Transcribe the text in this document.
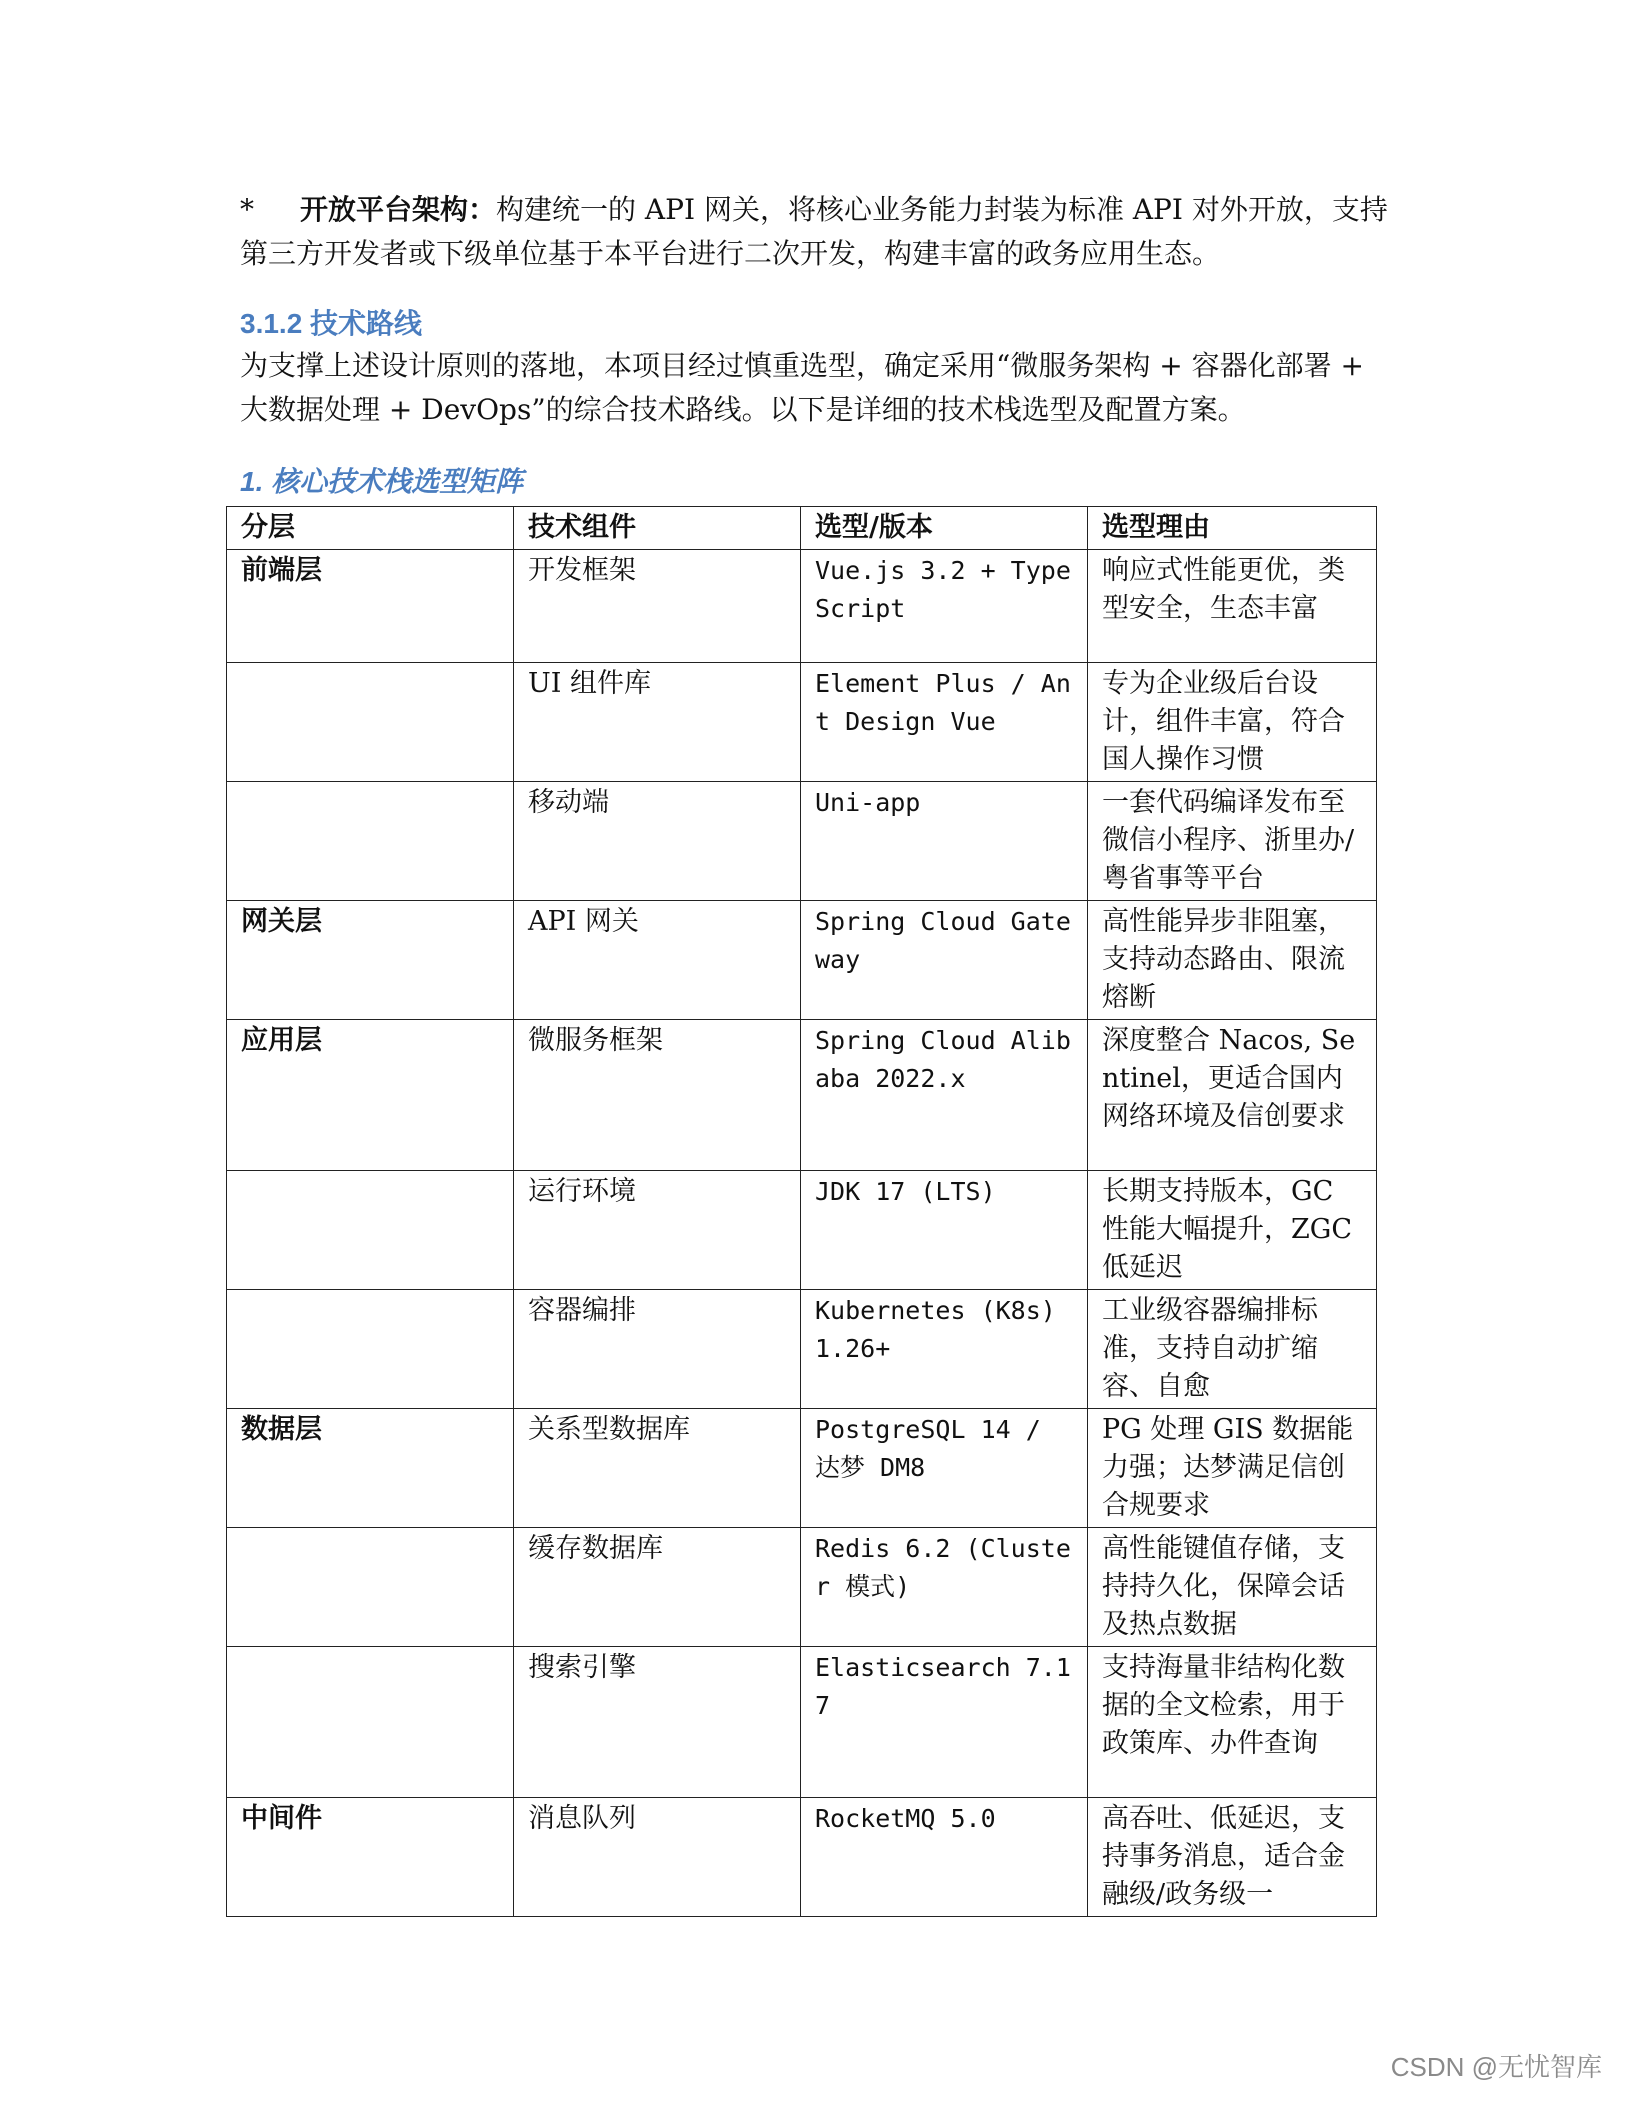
* 开放平台架构：构建统一的 API 网关，将核心业务能力封装为标准 API 对外开放，支持第三方开发者或下级单位基于本平台进行二次开发，构建丰富的政务应用生态。
3.1.2 技术路线
为支撑上述设计原则的落地，本项目经过慎重选型，确定采用“微服务架构 + 容器化部署 + 大数据处理 + DevOps”的综合技术路线。以下是详细的技术栈选型及配置方案。
1. 核心技术栈选型矩阵
分层	技术组件	选型/版本	选型理由
前端层	开发框架	Vue.js 3.2 + TypeScript	响应式性能更优，类型安全，生态丰富
	UI 组件库	Element Plus / Ant Design Vue	专为企业级后台设计，组件丰富，符合国人操作习惯
	移动端	Uni-app	一套代码编译发布至微信小程序、浙里办/粤省事等平台
网关层	API 网关	Spring Cloud Gateway	高性能异步非阻塞，支持动态路由、限流熔断
应用层	微服务框架	Spring Cloud Alibaba 2022.x	深度整合 Nacos, Sentinel，更适合国内网络环境及信创要求
	运行环境	JDK 17 (LTS)	长期支持版本，GC 性能大幅提升，ZGC 低延迟
	容器编排	Kubernetes (K8s) 1.26+	工业级容器编排标准，支持自动扩缩容、自愈
数据层	关系型数据库	PostgreSQL 14 / 达梦 DM8	PG 处理 GIS 数据能力强；达梦满足信创合规要求
	缓存数据库	Redis 6.2 (Cluster 模式)	高性能键值存储，支持持久化，保障会话及热点数据
	搜索引擎	Elasticsearch 7.17	支持海量非结构化数据的全文检索，用于政策库、办件查询
中间件	消息队列	RocketMQ 5.0	高吞吐、低延迟，支持事务消息，适合金融级/政务级一
CSDN @无忧智库
